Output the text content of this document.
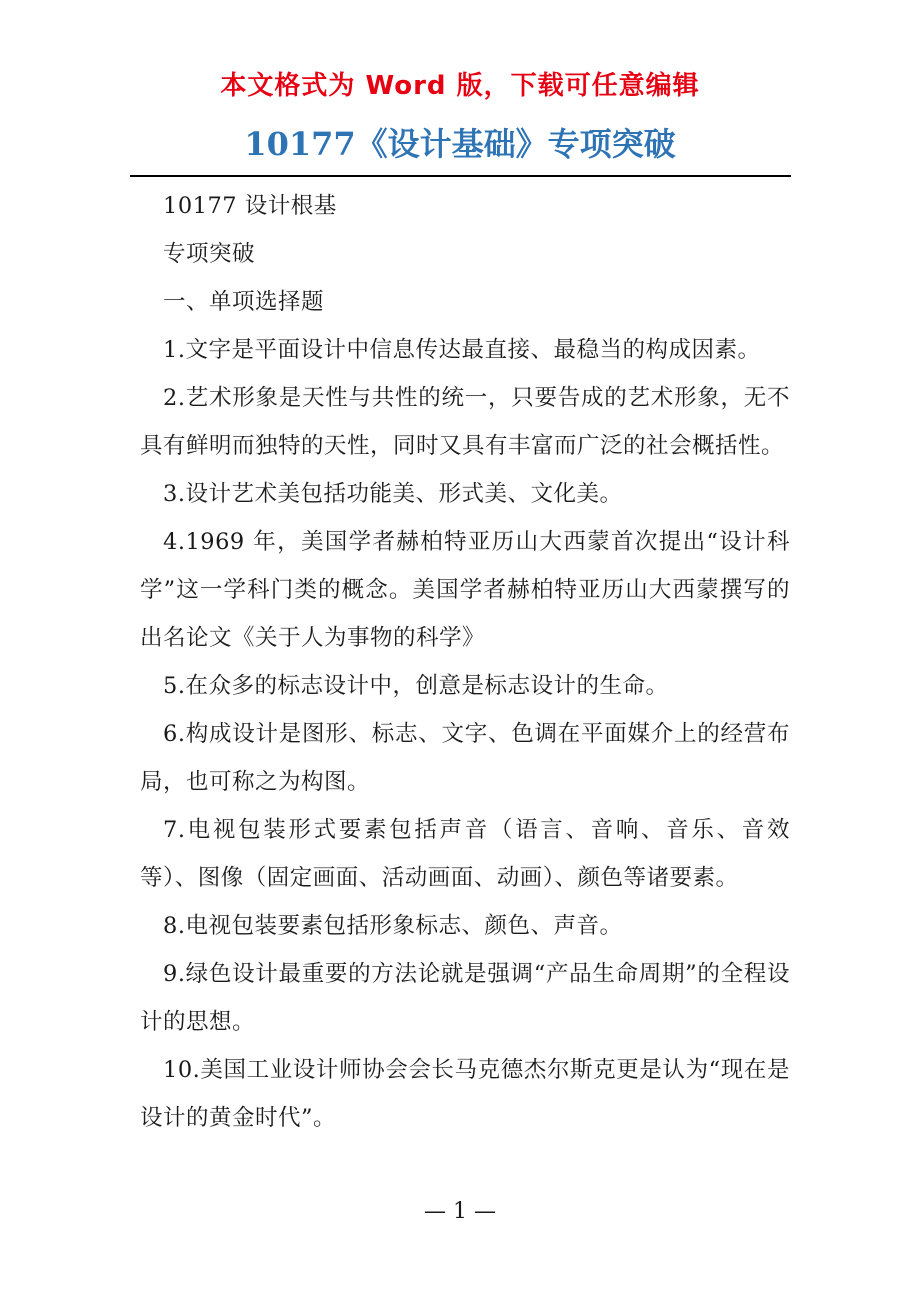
本文格式为 Word 版，下载可任意编辑
10177《设计基础》专项突破

10177 设计根基

专项突破

一、单项选择题

1.文字是平面设计中信息传达最直接、最稳当的构成因素。

2.艺术形象是天性与共性的统一，只要告成的艺术形象，无不具有鲜明而独特的天性，同时又具有丰富而广泛的社会概括性。

3.设计艺术美包括功能美、形式美、文化美。

4.1969 年，美国学者赫柏特亚历山大西蒙首次提出“设计科学”这一学科门类的概念。美国学者赫柏特亚历山大西蒙撰写的出名论文《关于人为事物的科学》

5.在众多的标志设计中，创意是标志设计的生命。

6.构成设计是图形、标志、文字、色调在平面媒介上的经营布局，也可称之为构图。

7.电视包装形式要素包括声音（语言、音响、音乐、音效等）、图像（固定画面、活动画面、动画）、颜色等诸要素。

8.电视包装要素包括形象标志、颜色、声音。

9.绿色设计最重要的方法论就是强调“产品生命周期”的全程设计的思想。

10.美国工业设计师协会会长马克德杰尔斯克更是认为“现在是设计的黄金时代”。

— 1 —
